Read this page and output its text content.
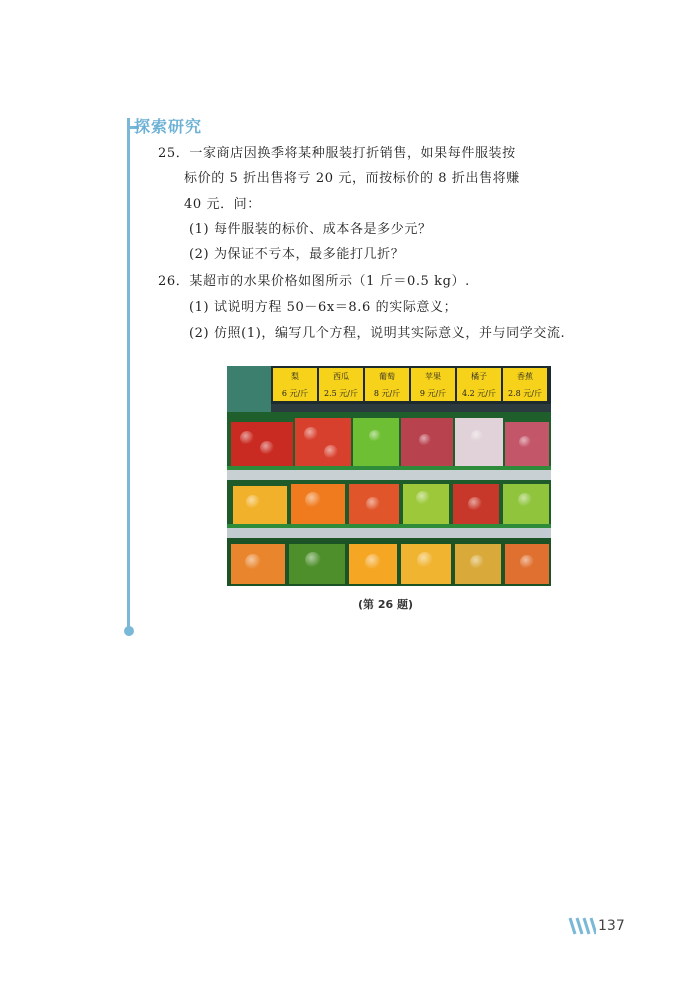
探索研究
25．一家商店因换季将某种服装打折销售，如果每件服装按
标价的 5 折出售将亏 20 元，而按标价的 8 折出售将赚
40 元．问：
(1) 每件服装的标价、成本各是多少元？
(2) 为保证不亏本，最多能打几折？
26．某超市的水果价格如图所示（1 斤＝0.5 kg）.
(1) 试说明方程 50－6x＝8.6 的实际意义；
(2) 仿照(1)，编写几个方程，说明其实际意义，并与同学交流.
梨
6 元/斤
西瓜
2.5 元/斤
葡萄
8 元/斤
苹果
9 元/斤
橘子
4.2 元/斤
香蕉
2.8 元/斤
(第 26 题)
137
